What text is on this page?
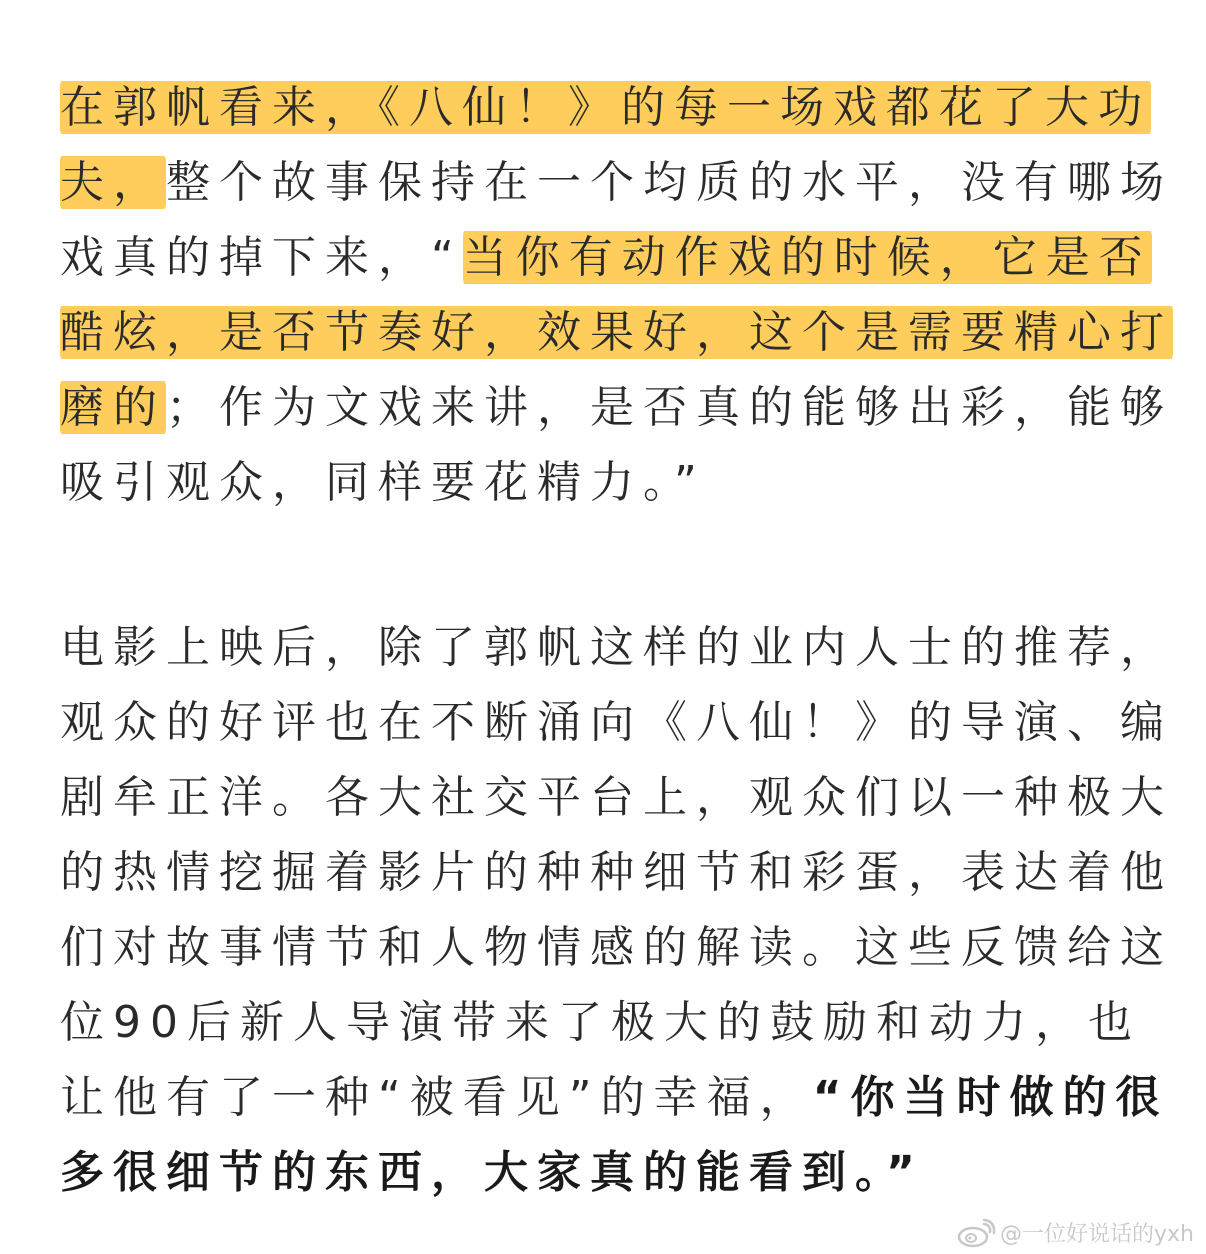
在郭帆看来，《八仙！》的每一场戏都花了大功
夫，整个故事保持在一个均质的水平，没有哪场
戏真的掉下来，“当你有动作戏的时候，它是否
酷炫，是否节奏好，效果好，这个是需要精心打
磨的；作为文戏来讲，是否真的能够出彩，能够
吸引观众，同样要花精力。”
电影上映后，除了郭帆这样的业内人士的推荐，
观众的好评也在不断涌向《八仙！》的导演、编
剧牟正洋。各大社交平台上，观众们以一种极大
的热情挖掘着影片的种种细节和彩蛋，表达着他
们对故事情节和人物情感的解读。这些反馈给这
位90后新人导演带来了极大的鼓励和动力，也
让他有了一种“被看见”的幸福，“你当时做的很
多很细节的东西，大家真的能看到。”
@一位好说话的yxh
